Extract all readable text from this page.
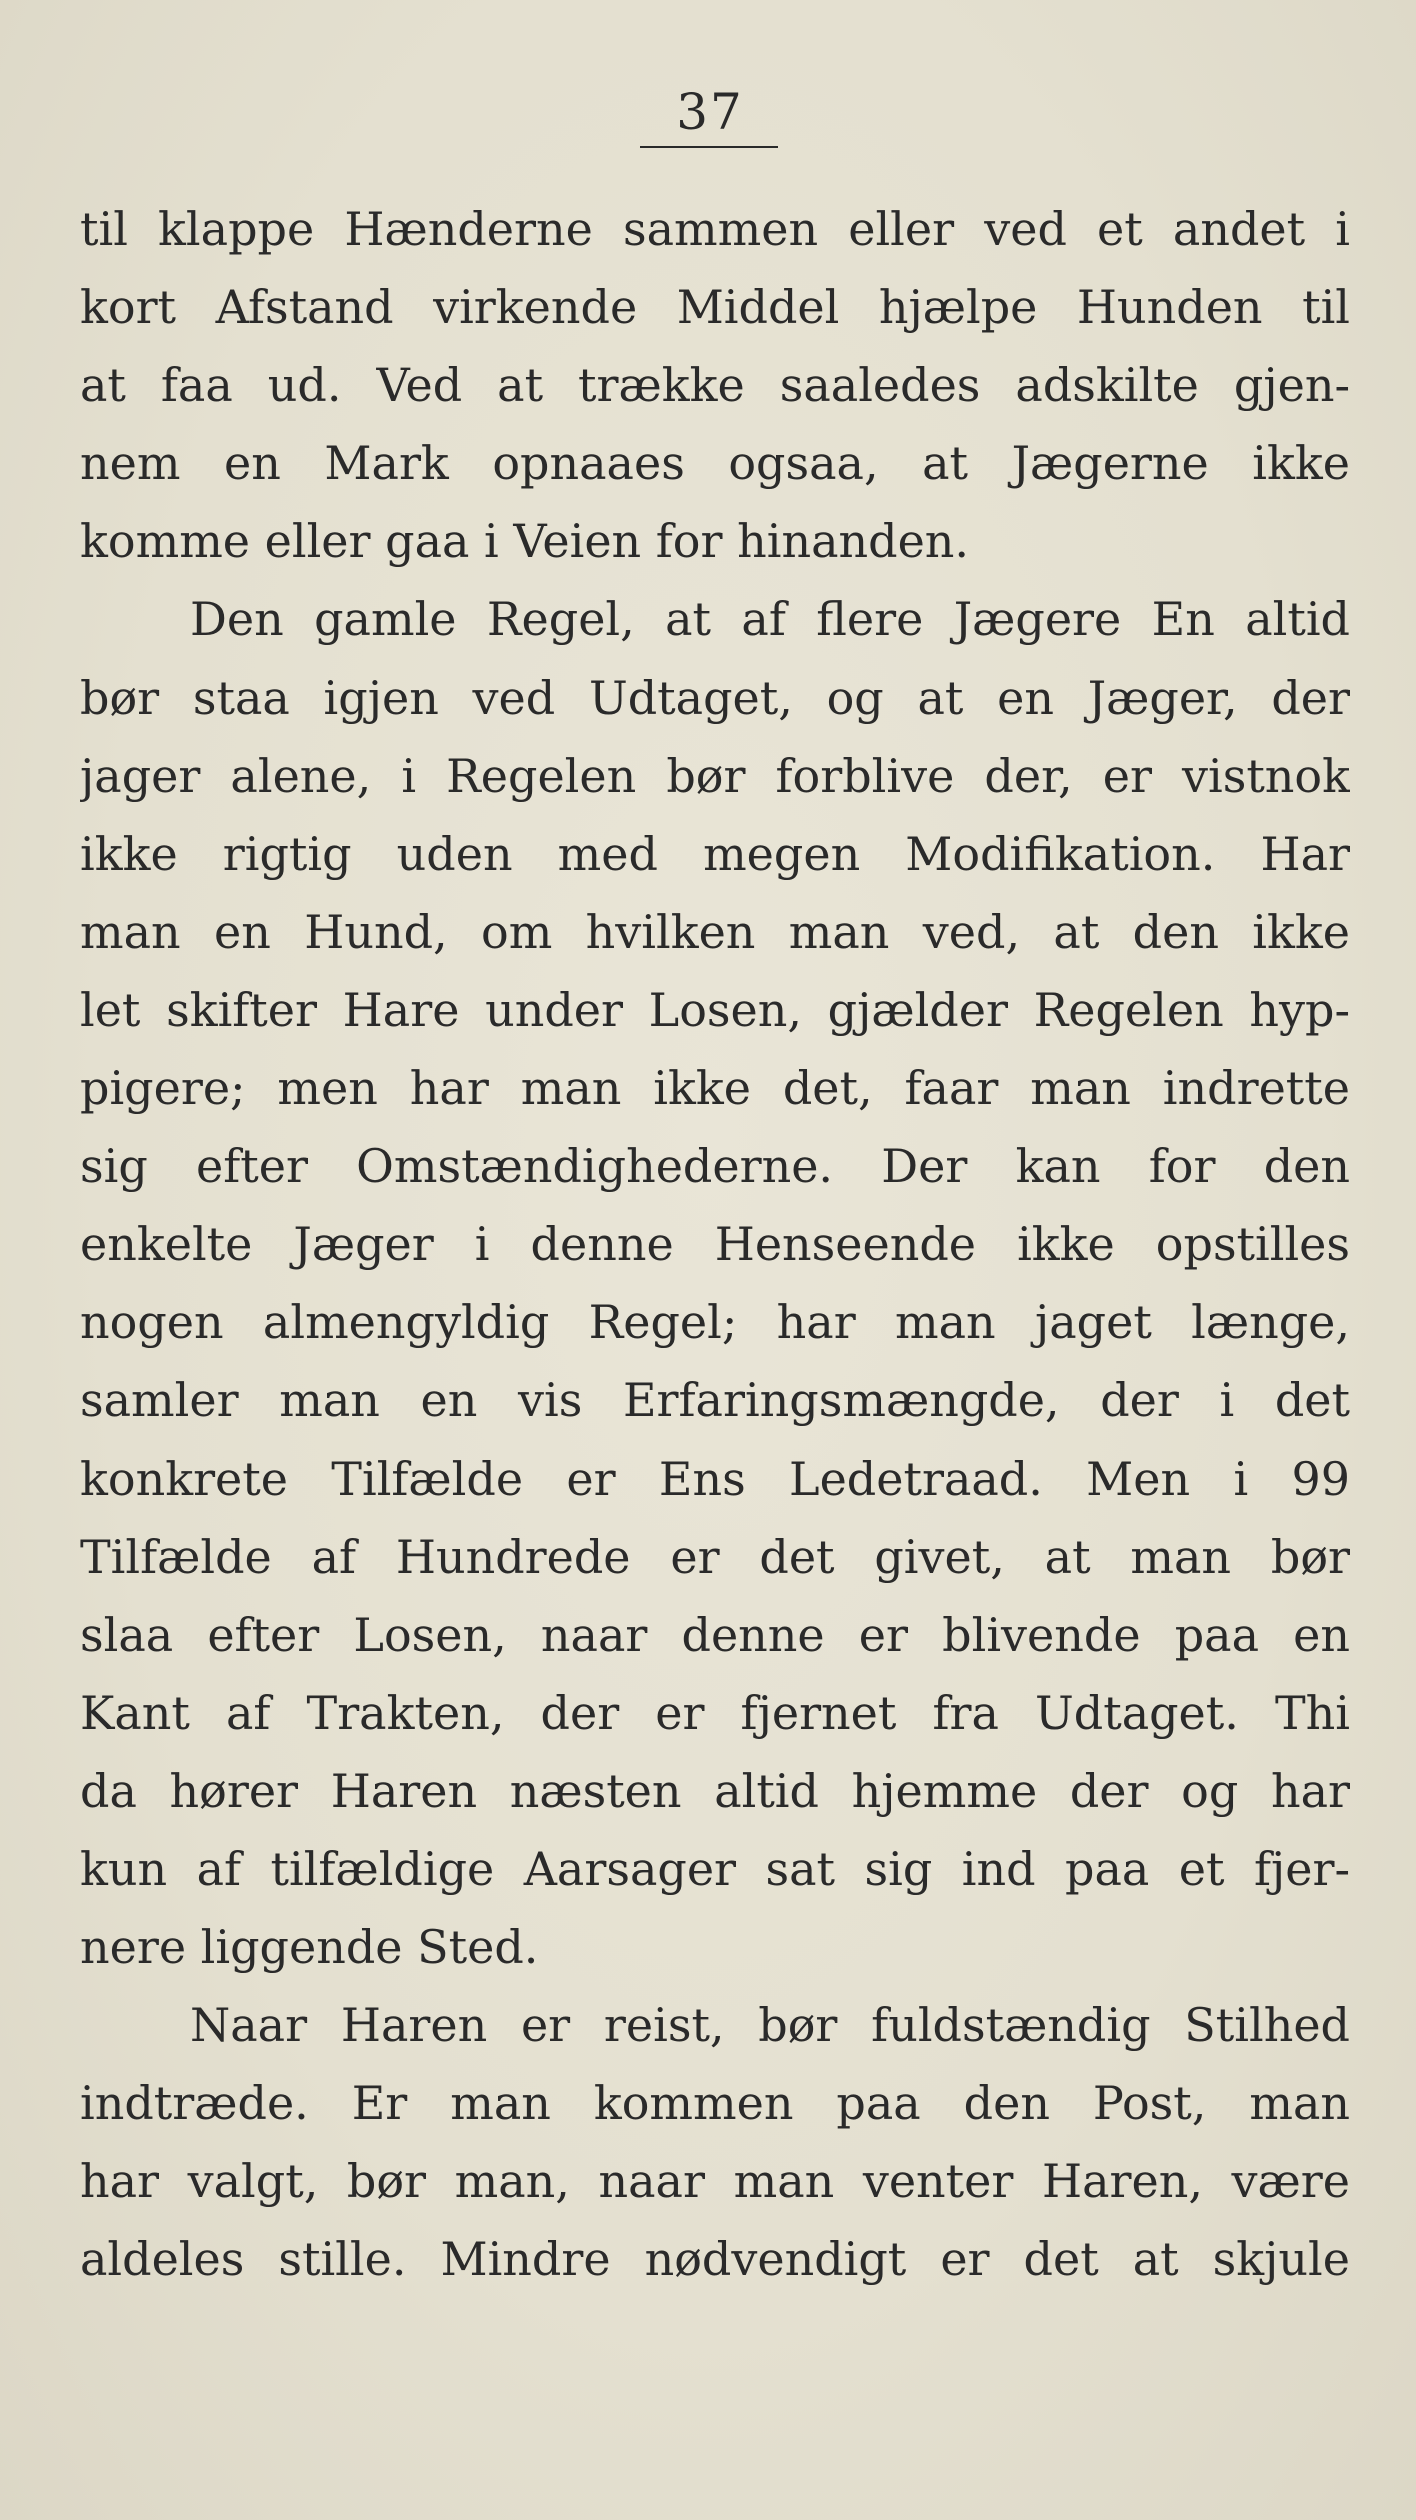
37
til klappe Hænderne sammen eller ved et andet i
kort Afstand virkende Middel hjælpe Hunden til
at faa ud. Ved at trække saaledes adskilte gjen-
nem en Mark opnaaes ogsaa, at Jægerne ikke
komme eller gaa i Veien for hinanden.
Den gamle Regel, at af flere Jægere En altid
bør staa igjen ved Udtaget, og at en Jæger, der
jager alene, i Regelen bør forblive der, er vistnok
ikke rigtig uden med megen Modifikation. Har
man en Hund, om hvilken man ved, at den ikke
let skifter Hare under Losen, gjælder Regelen hyp-
pigere; men har man ikke det, faar man indrette
sig efter Omstændighederne. Der kan for den
enkelte Jæger i denne Henseende ikke opstilles
nogen almengyldig Regel; har man jaget længe,
samler man en vis Erfaringsmængde, der i det
konkrete Tilfælde er Ens Ledetraad. Men i 99
Tilfælde af Hundrede er det givet, at man bør
slaa efter Losen, naar denne er blivende paa en
Kant af Trakten, der er fjernet fra Udtaget. Thi
da hører Haren næsten altid hjemme der og har
kun af tilfældige Aarsager sat sig ind paa et fjer-
nere liggende Sted.
Naar Haren er reist, bør fuldstændig Stilhed
indtræde. Er man kommen paa den Post, man
har valgt, bør man, naar man venter Haren, være
aldeles stille. Mindre nødvendigt er det at skjule
